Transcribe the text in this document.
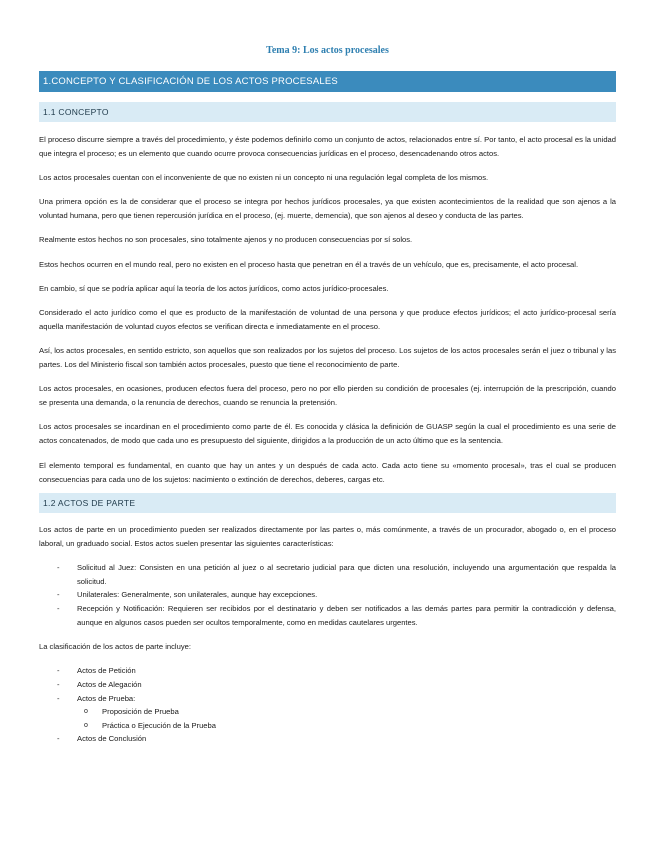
Tema 9: Los actos procesales
1.CONCEPTO Y CLASIFICACIÓN DE LOS ACTOS PROCESALES
1.1 CONCEPTO

El proceso discurre siempre a través del procedimiento, y éste podemos definirlo como un conjunto de actos, relacionados entre sí. Por tanto, el acto procesal es la unidad que integra el proceso; es un elemento que cuando ocurre provoca consecuencias jurídicas en el proceso, desencadenando otros actos.

Los actos procesales cuentan con el inconveniente de que no existen ni un concepto ni una regulación legal completa de los mismos.

Una primera opción es la de considerar que el proceso se integra por hechos jurídicos procesales, ya que existen acontecimientos de la realidad que son ajenos a la voluntad humana, pero que tienen repercusión jurídica en el proceso, (ej. muerte, demencia), que son ajenos al deseo y conducta de las partes.

Realmente estos hechos no son procesales, sino totalmente ajenos y no producen consecuencias por sí solos.

Estos hechos ocurren en el mundo real, pero no existen en el proceso hasta que penetran en él a través de un vehículo, que es, precisamente, el acto procesal.

En cambio, sí que se podría aplicar aquí la teoría de los actos jurídicos, como actos jurídico-procesales.

Considerado el acto jurídico como el que es producto de la manifestación de voluntad de una persona y que produce efectos jurídicos; el acto jurídico-procesal sería aquella manifestación de voluntad cuyos efectos se verifican directa e inmediatamente en el proceso.

Así, los actos procesales, en sentido estricto, son aquellos que son realizados por los sujetos del proceso. Los sujetos de los actos procesales serán el juez o tribunal y las partes. Los del Ministerio fiscal son también actos procesales, puesto que tiene el reconocimiento de parte.

Los actos procesales, en ocasiones, producen efectos fuera del proceso, pero no por ello pierden su condición de procesales (ej. interrupción de la prescripción, cuando se presenta una demanda, o la renuncia de derechos, cuando se renuncia la pretensión.

Los actos procesales se incardinan en el procedimiento como parte de él. Es conocida y clásica la definición de GUASP según la cual el procedimiento es una serie de actos concatenados, de modo que cada uno es presupuesto del siguiente, dirigidos a la producción de un acto último que es la sentencia.

El elemento temporal es fundamental, en cuanto que hay un antes y un después de cada acto. Cada acto tiene su «momento procesal», tras el cual se producen consecuencias para cada uno de los sujetos: nacimiento o extinción de derechos, deberes, cargas etc.

1.2 ACTOS DE PARTE

Los actos de parte en un procedimiento pueden ser realizados directamente por las partes o, más comúnmente, a través de un procurador, abogado o, en el proceso laboral, un graduado social. Estos actos suelen presentar las siguientes características:

- Solicitud al Juez: Consisten en una petición al juez o al secretario judicial para que dicten una resolución, incluyendo una argumentación que respalda la solicitud.
- Unilaterales: Generalmente, son unilaterales, aunque hay excepciones.
- Recepción y Notificación: Requieren ser recibidos por el destinatario y deben ser notificados a las demás partes para permitir la contradicción y defensa, aunque en algunos casos pueden ser ocultos temporalmente, como en medidas cautelares urgentes.

La clasificación de los actos de parte incluye:

- Actos de Petición
- Actos de Alegación
- Actos de Prueba:
o Proposición de Prueba
o Práctica o Ejecución de la Prueba
- Actos de Conclusión
